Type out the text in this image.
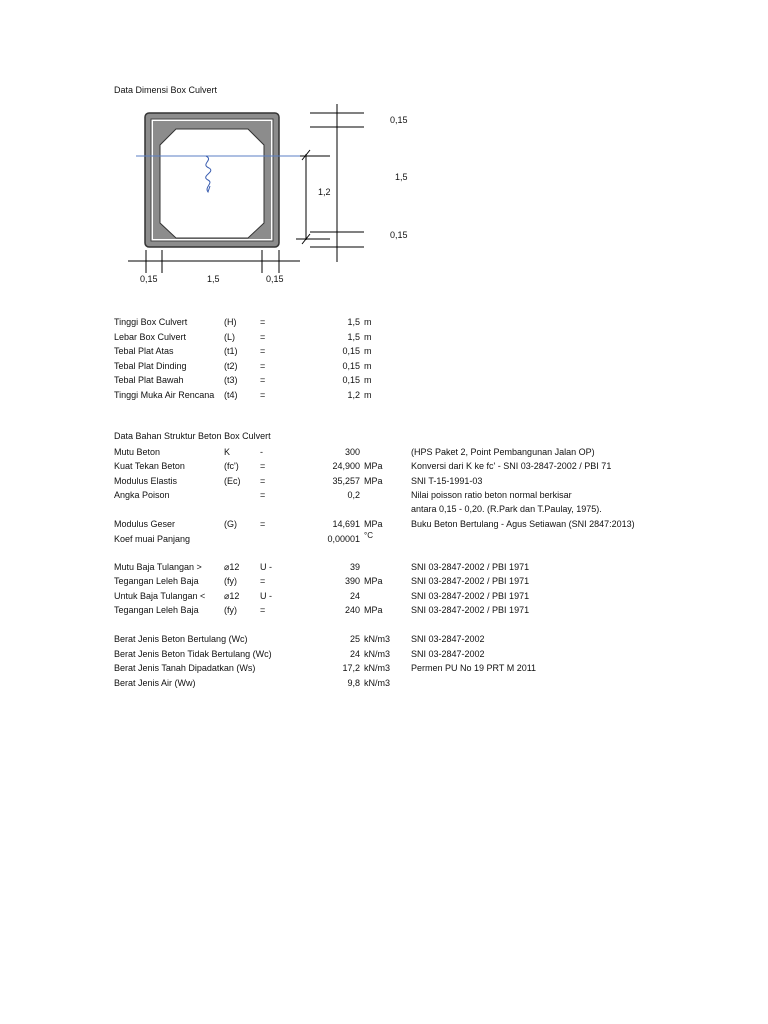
Data Dimensi Box Culvert
0,15
1,5
0,15
1,2
0,15	1,5	0,15
Tinggi Box Culvert	(H)	=	1,5 m
Lebar Box Culvert	(L)	=	1,5 m
Tebal Plat Atas	(t1)	=	0,15 m
Tebal Plat Dinding	(t2)	=	0,15 m
Tebal Plat Bawah	(t3)	=	0,15 m
Tinggi Muka Air Rencana (t4)	=	1,2 m
Data Bahan Struktur Beton Box Culvert
Mutu Beton	K	-	300	(HPS Paket 2, Point Pembangunan Jalan OP)
Kuat Tekan Beton	(fc') =	24,900 MPa	Konversi dari K ke fc' - SNI 03-2847-2002 / PBI 71
Modulus Elastis	(Ec) =	35,257 MPa	SNI T-15-1991-03
Angka Poison	=	0,2	Nilai poisson ratio beton normal berkisar
antara 0,15 - 0,20. (R.Park dan T.Paulay, 1975).
Modulus Geser	(G)	=	14,691 MPa	Buku Beton Bertulang - Agus Setiawan (SNI 2847:2013)
Koef muai Panjang	0,00001 °C
Mutu Baja Tulangan > ⌀12 U -	39	SNI 03-2847-2002 / PBI 1971
Tegangan Leleh Baja	(fy)	=	390 MPa	SNI 03-2847-2002 / PBI 1971
Untuk Baja Tulangan < ⌀12 U -	24	SNI 03-2847-2002 / PBI 1971
Tegangan Leleh Baja	(fy)	=	240 MPa	SNI 03-2847-2002 / PBI 1971
Berat Jenis Beton Bertulang (Wc)	25 kN/m3 SNI 03-2847-2002
Berat Jenis Beton Tidak Bertulang (Wc)	24 kN/m3 SNI 03-2847-2002
Berat Jenis Tanah Dipadatkan (Ws)	17,2 kN/m3 Permen PU No 19 PRT M 2011
Berat Jenis Air (Ww)	9,8 kN/m3
